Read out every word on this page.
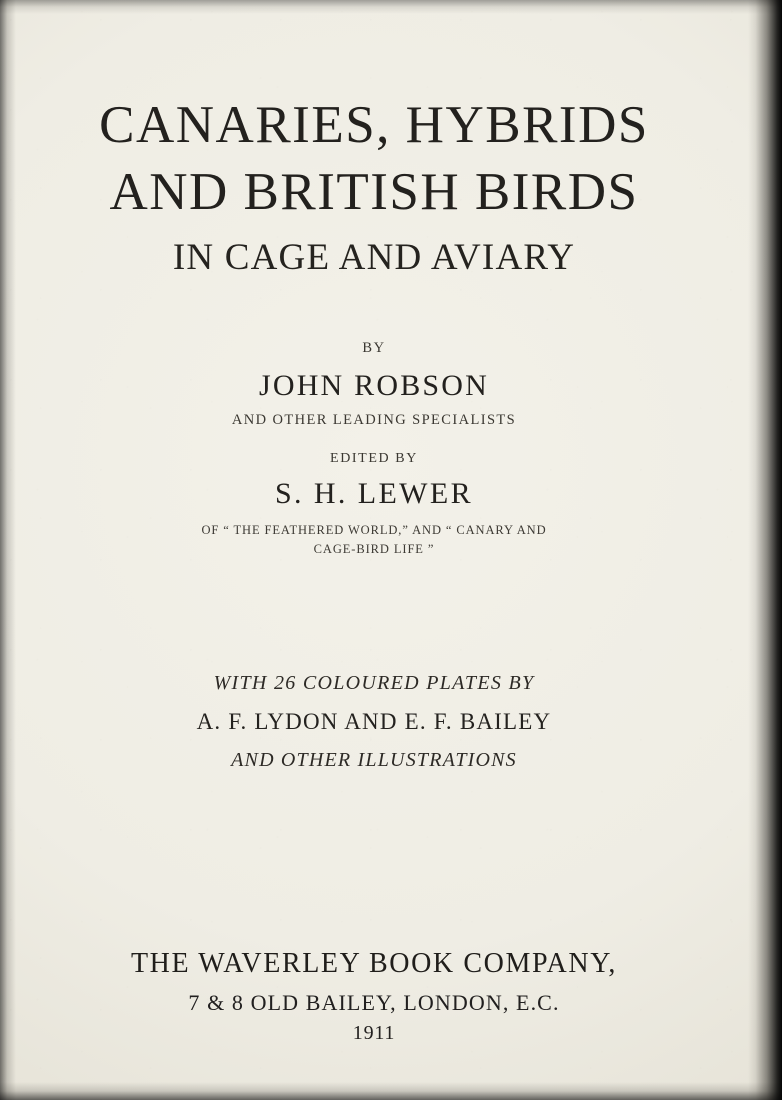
CANARIES, HYBRIDS
AND BRITISH BIRDS
IN CAGE AND AVIARY
BY
JOHN ROBSON
AND OTHER LEADING SPECIALISTS
EDITED BY
S. H. LEWER
OF “ THE FEATHERED WORLD,” AND “ CANARY AND
CAGE-BIRD LIFE ”
WITH 26 COLOURED PLATES BY
A. F. LYDON AND E. F. BAILEY
AND OTHER ILLUSTRATIONS
THE WAVERLEY BOOK COMPANY,
7 & 8 OLD BAILEY, LONDON, E.C.
1911
